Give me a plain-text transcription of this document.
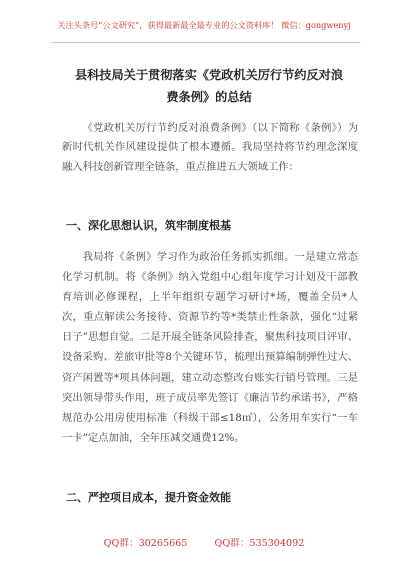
关注头条号“公文研究”，获得最新最全最专业的公文资料库！ 微信：gongwenyj
县科技局关于贯彻落实《党政机关厉行节约反对浪费条例》的总结
《党政机关厉行节约反对浪费条例》（以下简称《条例》）为新时代机关作风建设提供了根本遵循。我局坚持将节约理念深度融入科技创新管理全链条，重点推进五大领域工作：
一、深化思想认识，筑牢制度根基
我局将《条例》学习作为政治任务抓实抓细。一是建立常态化学习机制。将《条例》纳入党组中心组年度学习计划及干部教育培训必修课程，上半年组织专题学习研讨*场，覆盖全员*人次，重点解读公务接待、资源节约等*类禁止性条款，强化“过紧日子”思想自觉。二是开展全链条风险排查，聚焦科技项目评审、设备采购、差旅审批等8个关键环节，梳理出预算编制弹性过大、资产闲置等*项具体问题，建立动态整改台账实行销号管理。三是突出领导带头作用，班子成员率先签订《廉洁节约承诺书》，严格规范办公用房使用标准（科级干部≤18㎡），公务用车实行“一车一卡”定点加油，全年压减交通费12%。
二、严控项目成本，提升资金效能
QQ群：30265665	QQ群：535304092
